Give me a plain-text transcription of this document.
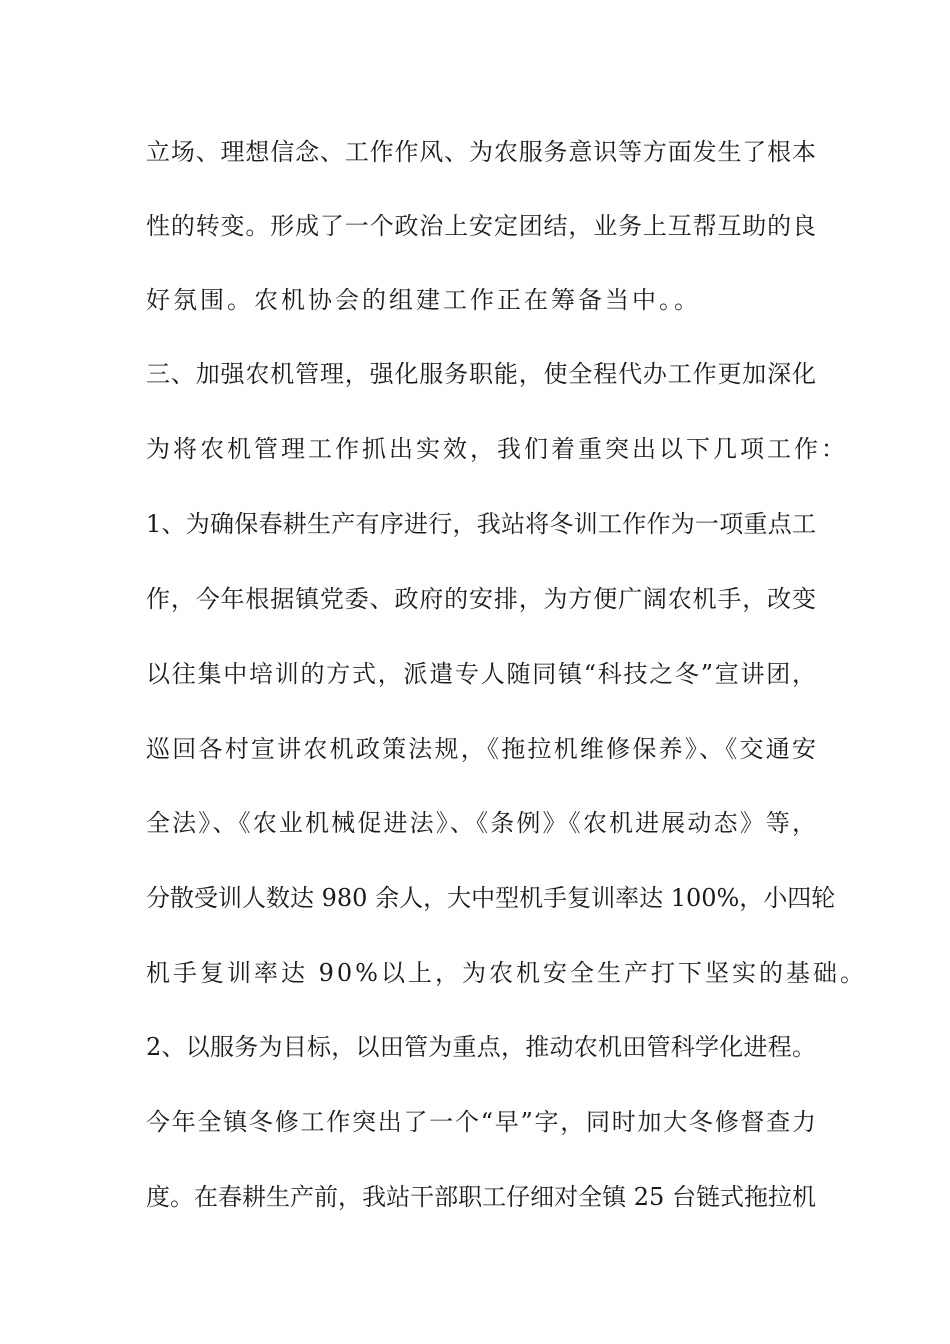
立场、理想信念、工作作风、为农服务意识等方面发生了根本
性的转变。形成了一个政治上安定团结，业务上互帮互助的良
好氛围。农机协会的组建工作正在筹备当中。。
三、加强农机管理，强化服务职能，使全程代办工作更加深化
为将农机管理工作抓出实效，我们着重突出以下几项工作：
1、为确保春耕生产有序进行，我站将冬训工作作为一项重点工
作，今年根据镇党委、政府的安排，为方便广阔农机手，改变
以往集中培训的方式，派遣专人随同镇“科技之冬”宣讲团，
巡回各村宣讲农机政策法规，《拖拉机维修保养》、《交通安
全法》、《农业机械促进法》、《条例》《农机进展动态》等，
分散受训人数达 980 余人，大中型机手复训率达 100%，小四轮
机手复训率达 90%以上，为农机安全生产打下坚实的基础。
2、以服务为目标，以田管为重点，推动农机田管科学化进程。
今年全镇冬修工作突出了一个“早”字，同时加大冬修督查力
度。在春耕生产前，我站干部职工仔细对全镇 25 台链式拖拉机
